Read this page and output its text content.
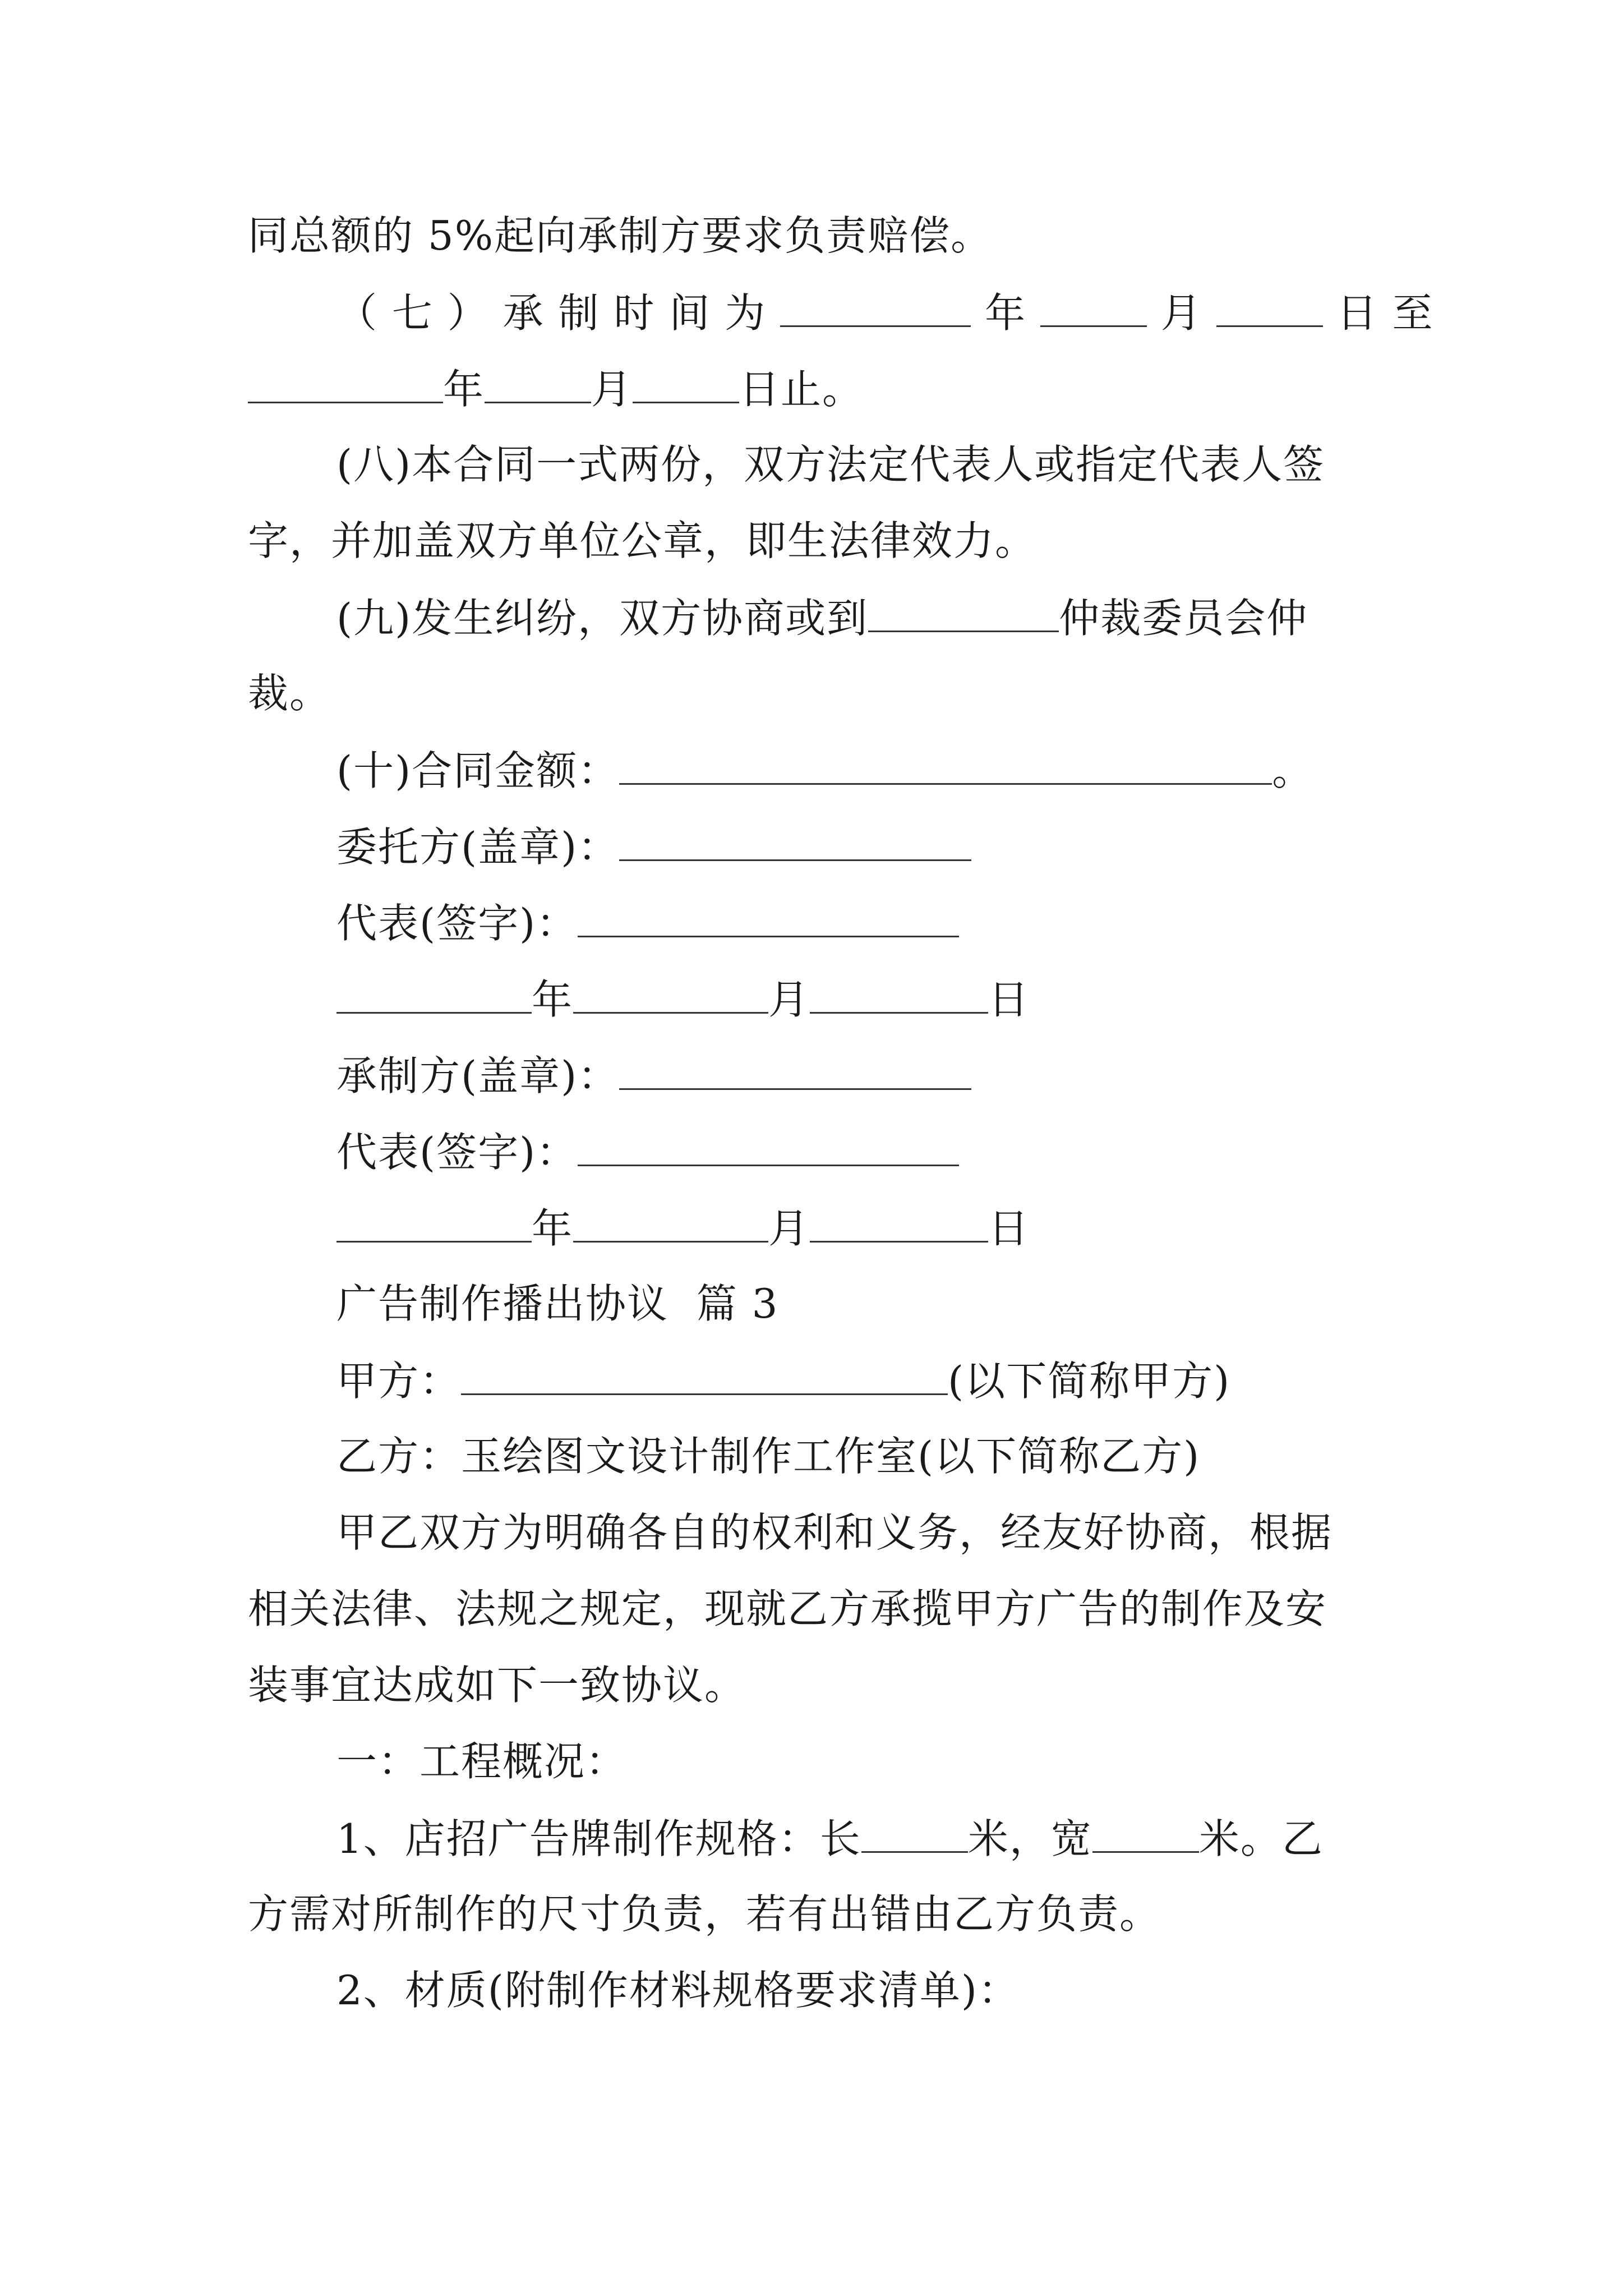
同总额的 5%起向承制方要求负责赔偿。
（ 七 ） 承 制 时 间 为	年	月	日 至
年	月	日止。
(八)本合同一式两份，双方法定代表人或指定代表人签
字，并加盖双方单位公章，即生法律效力。
(九)发生纠纷，双方协商或到	仲裁委员会仲
裁。
(十)合同金额：	。
委托方(盖章)：
代表(签字)：
年	月	日
承制方(盖章)：
代表(签字)：
年	月	日
广告制作播出协议  篇 3
甲方：	(以下简称甲方)
乙方：玉绘图文设计制作工作室(以下简称乙方)
甲乙双方为明确各自的权利和义务，经友好协商，根据
相关法律、法规之规定，现就乙方承揽甲方广告的制作及安
装事宜达成如下一致协议。
一：工程概况：
1、店招广告牌制作规格：长	米，宽	米。乙
方需对所制作的尺寸负责，若有出错由乙方负责。
2、材质(附制作材料规格要求清单)：
